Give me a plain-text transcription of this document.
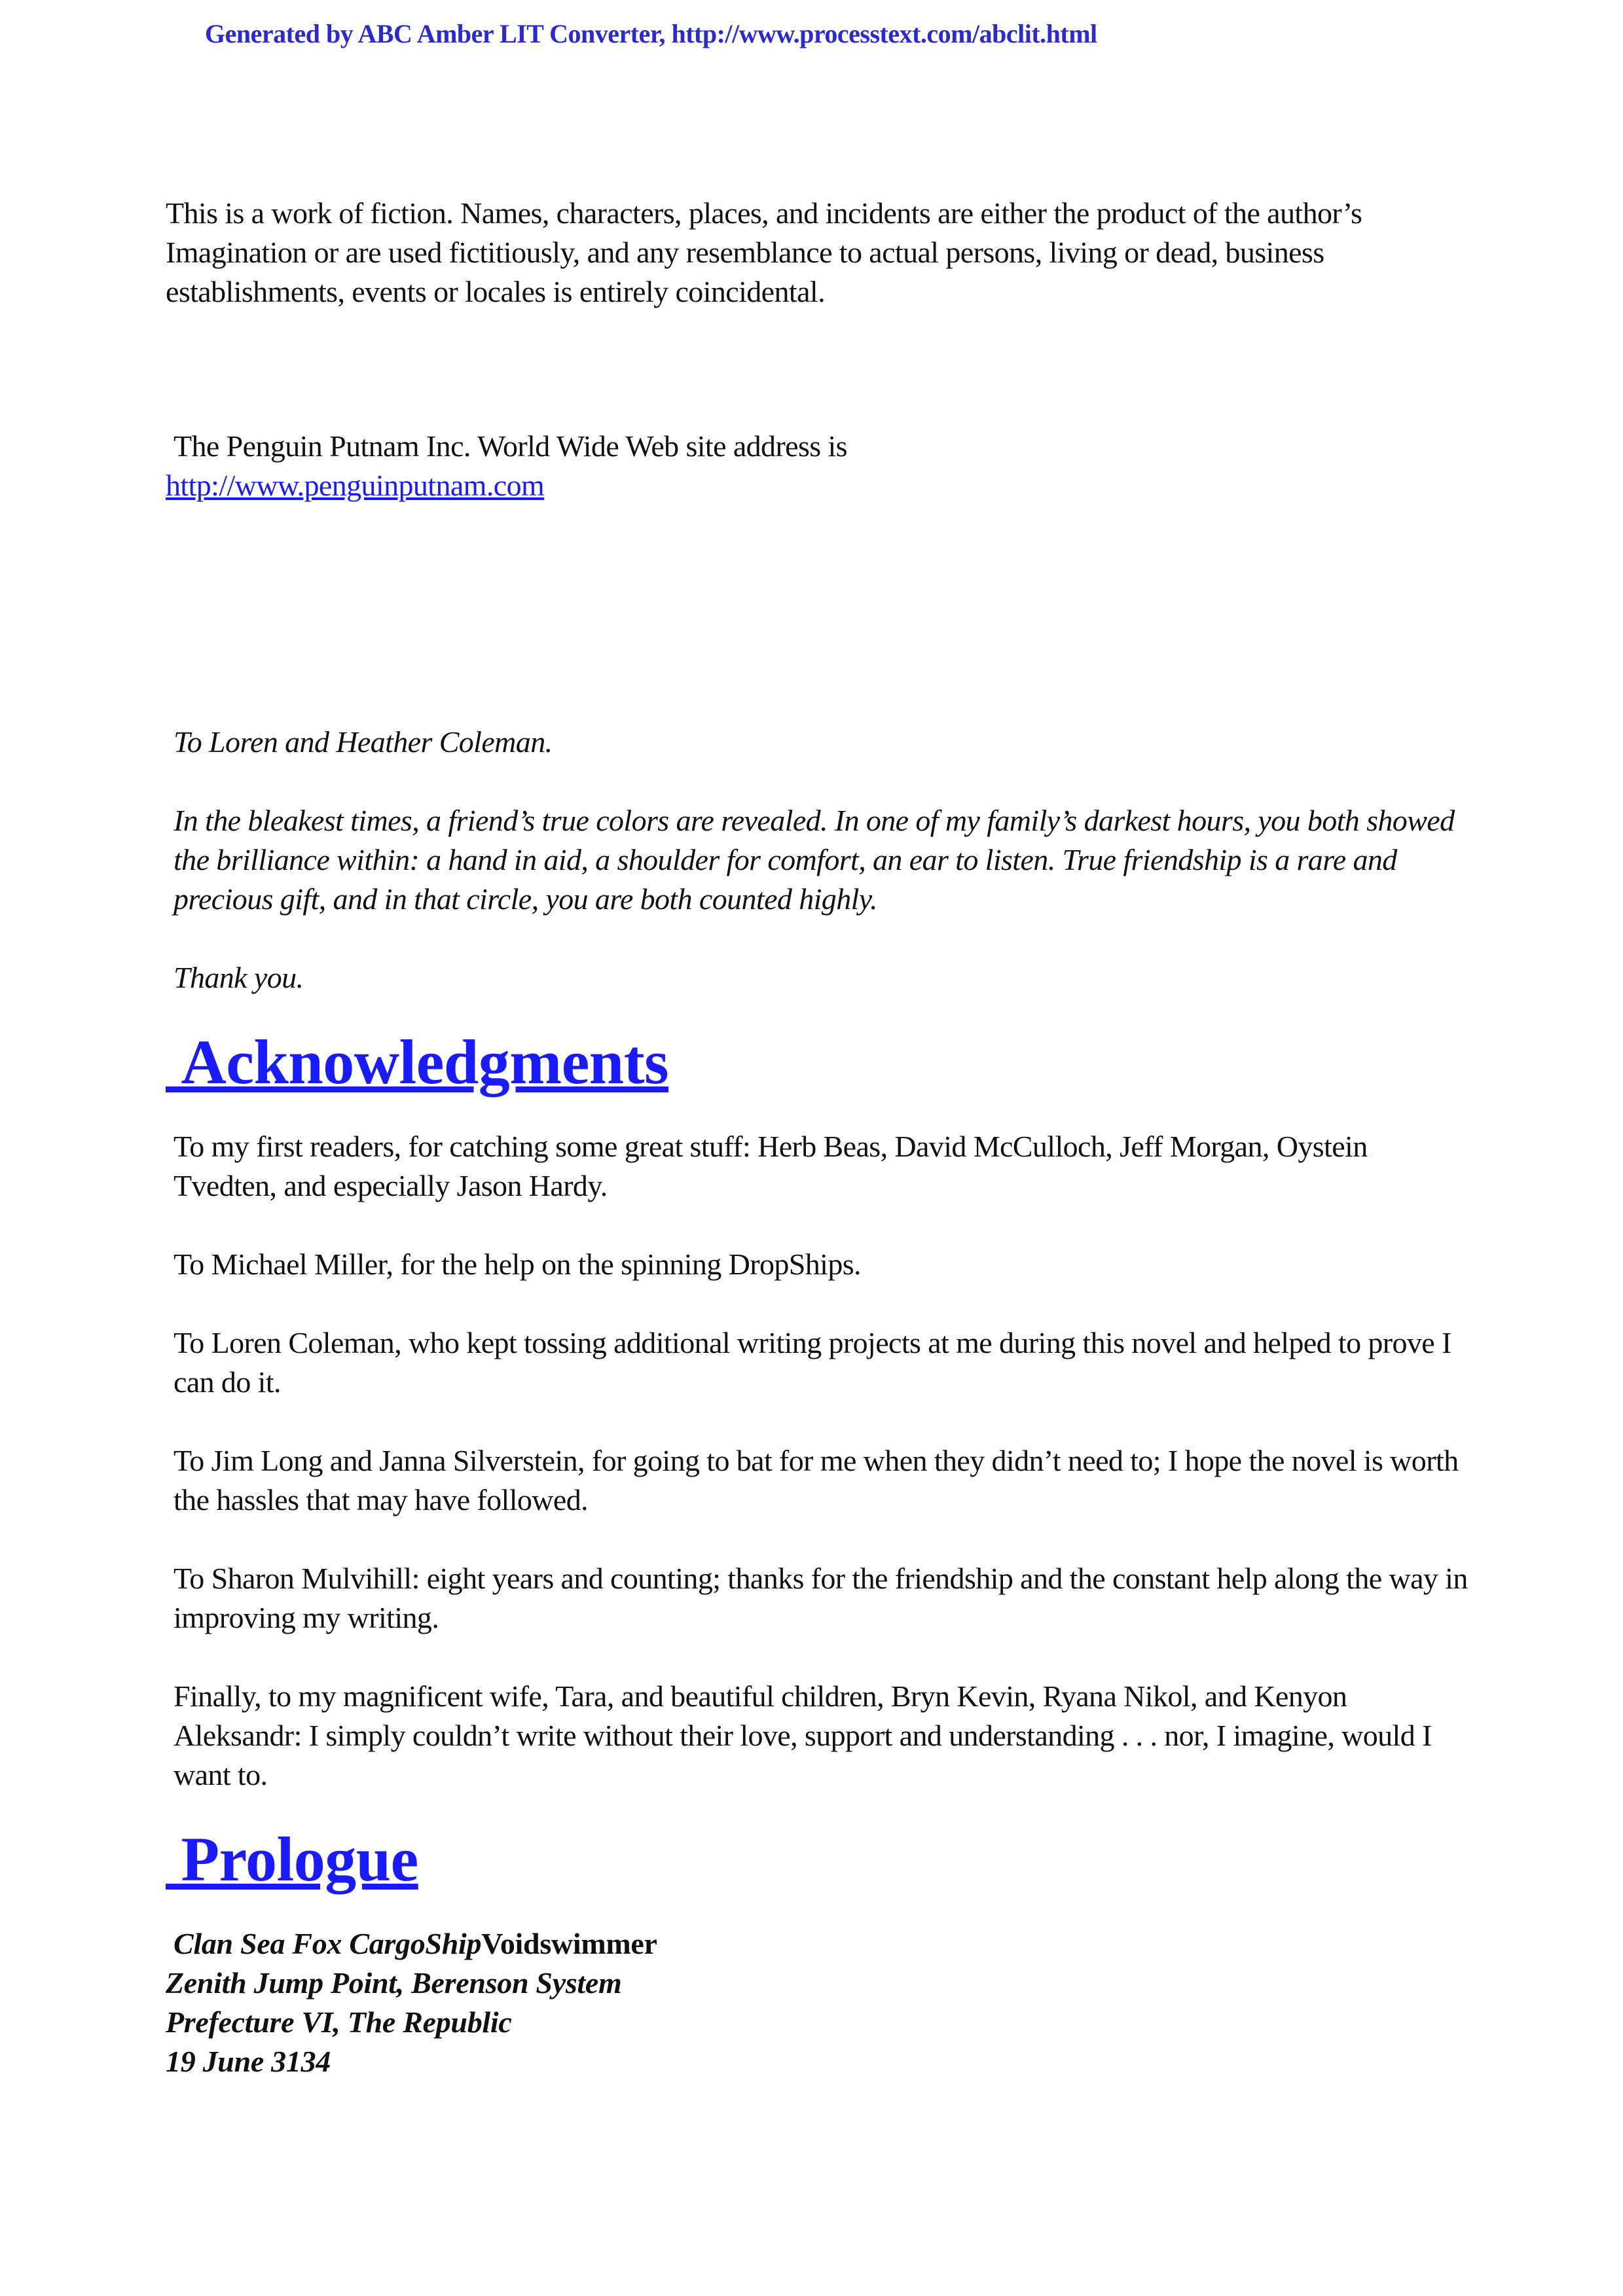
Generated by ABC Amber LIT Converter, http://www.processtext.com/abclit.html

This is a work of fiction. Names, characters, places, and incidents are either the product of the author’s Imagination or are used fictitiously, and any resemblance to actual persons, living or dead, business establishments, events or locales is entirely coincidental.

The Penguin Putnam Inc. World Wide Web site address is

http://www.penguinputnam.com

To Loren and Heather Coleman.

In the bleakest times, a friend’s true colors are revealed. In one of my family’s darkest hours, you both showed the brilliance within: a hand in aid, a shoulder for comfort, an ear to listen. True friendship is a rare and precious gift, and in that circle, you are both counted highly.

Thank you.

Acknowledgments

To my first readers, for catching some great stuff: Herb Beas, David McCulloch, Jeff Morgan, Oystein Tvedten, and especially Jason Hardy.

To Michael Miller, for the help on the spinning DropShips.

To Loren Coleman, who kept tossing additional writing projects at me during this novel and helped to prove I can do it.

To Jim Long and Janna Silverstein, for going to bat for me when they didn’t need to; I hope the novel is worth the hassles that may have followed.

To Sharon Mulvihill: eight years and counting; thanks for the friendship and the constant help along the way in improving my writing.

Finally, to my magnificent wife, Tara, and beautiful children, Bryn Kevin, Ryana Nikol, and Kenyon Aleksandr: I simply couldn’t write without their love, support and understanding . . . nor, I imagine, would I want to.

Prologue

Clan Sea Fox CargoShipVoidswimmer

Zenith Jump Point, Berenson System

Prefecture VI, The Republic

19 June 3134
